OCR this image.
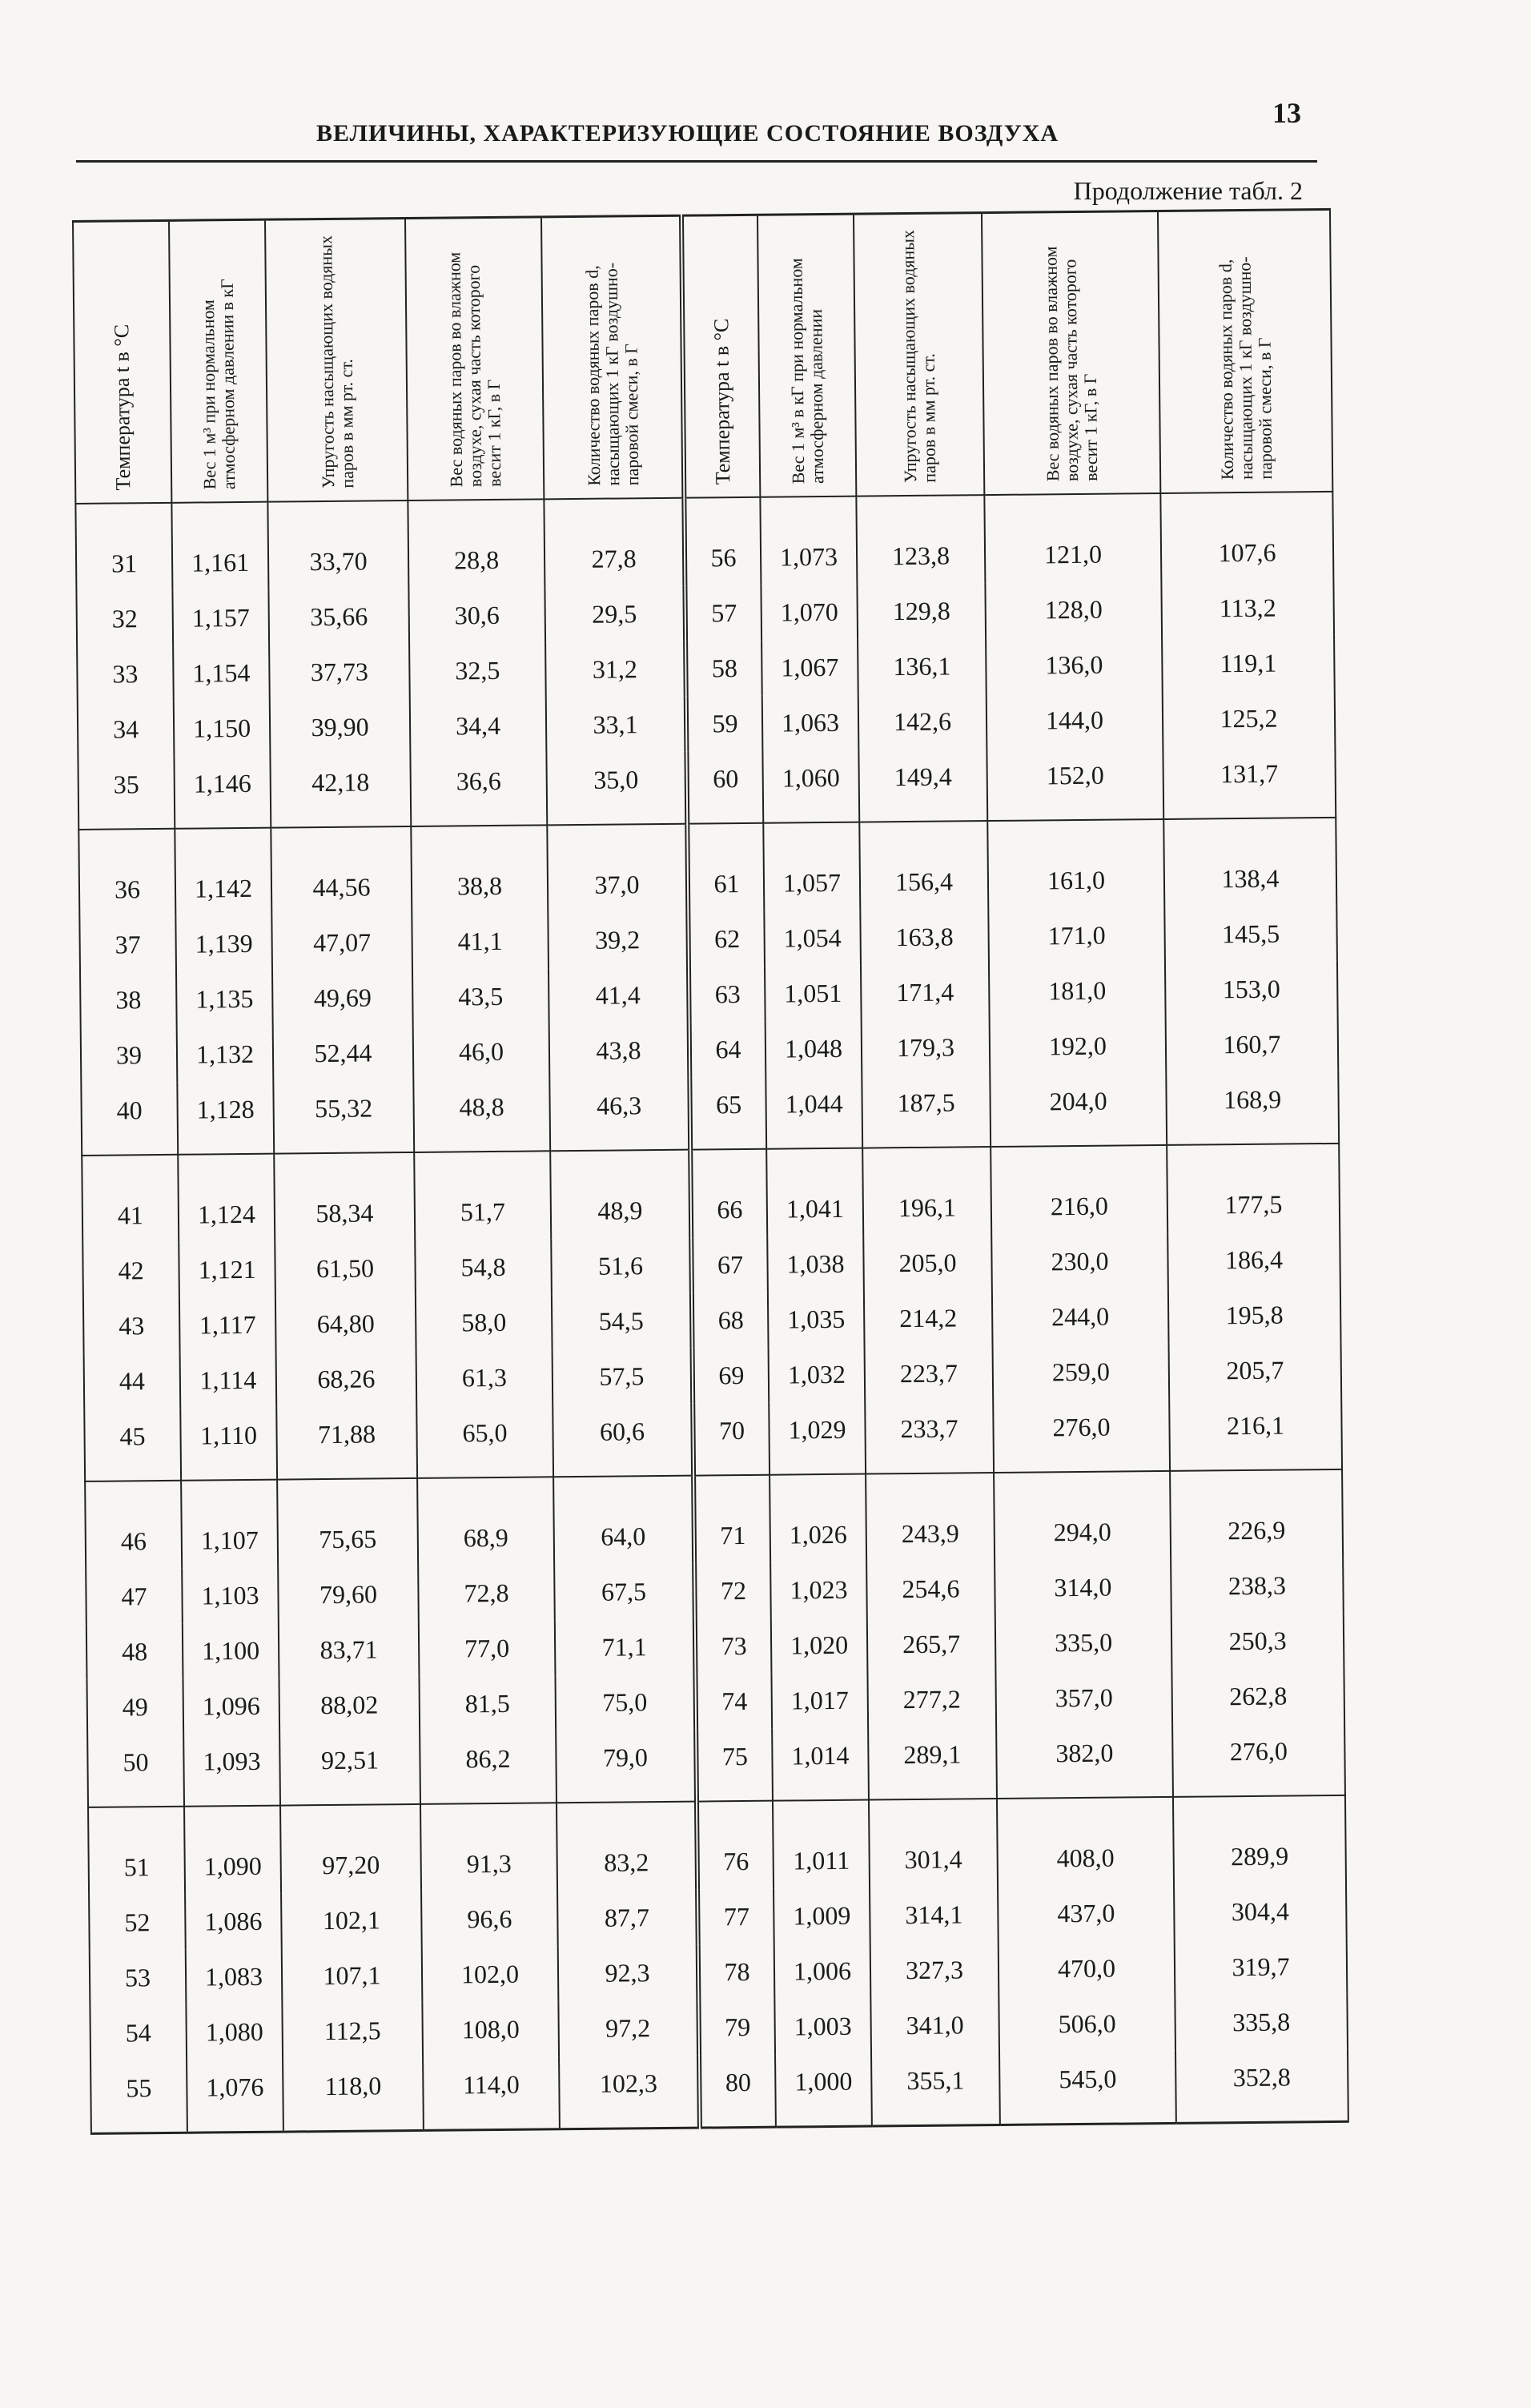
ВЕЛИЧИНЫ, ХАРАКТЕРИЗУЮЩИЕ СОСТОЯНИЕ ВОЗДУХА
13
Продолжение табл. 2
Температура t в °C	Вес 1 м³ при нормальном атмосферном давлении в кГ	Упругость насыщающих водяных паров в мм рт. ст.	Вес водяных паров во влажном воздухе, сухая часть которого весит 1 кГ, в Г	Количество водяных паров d, насыщающих 1 кГ воздушно-паровой смеси, в Г	Температура t в °C	Вес 1 м³ в кГ при нормальном атмосферном давлении	Упругость насыщающих водяных паров в мм рт. ст.	Вес водяных паров во влажном воздухе, сухая часть которого весит 1 кГ, в Г	Количество водяных паров d, насыщающих 1 кГ воздушно-паровой смеси, в Г

31	1,161	33,70	28,8	27,8	56	1,073	123,8	121,0	107,6
32	1,157	35,66	30,6	29,5	57	1,070	129,8	128,0	113,2
33	1,154	37,73	32,5	31,2	58	1,067	136,1	136,0	119,1
34	1,150	39,90	34,4	33,1	59	1,063	142,6	144,0	125,2
35	1,146	42,18	36,6	35,0	60	1,060	149,4	152,0	131,7
36	1,142	44,56	38,8	37,0	61	1,057	156,4	161,0	138,4
37	1,139	47,07	41,1	39,2	62	1,054	163,8	171,0	145,5
38	1,135	49,69	43,5	41,4	63	1,051	171,4	181,0	153,0
39	1,132	52,44	46,0	43,8	64	1,048	179,3	192,0	160,7
40	1,128	55,32	48,8	46,3	65	1,044	187,5	204,0	168,9
41	1,124	58,34	51,7	48,9	66	1,041	196,1	216,0	177,5
42	1,121	61,50	54,8	51,6	67	1,038	205,0	230,0	186,4
43	1,117	64,80	58,0	54,5	68	1,035	214,2	244,0	195,8
44	1,114	68,26	61,3	57,5	69	1,032	223,7	259,0	205,7
45	1,110	71,88	65,0	60,6	70	1,029	233,7	276,0	216,1
46	1,107	75,65	68,9	64,0	71	1,026	243,9	294,0	226,9
47	1,103	79,60	72,8	67,5	72	1,023	254,6	314,0	238,3
48	1,100	83,71	77,0	71,1	73	1,020	265,7	335,0	250,3
49	1,096	88,02	81,5	75,0	74	1,017	277,2	357,0	262,8
50	1,093	92,51	86,2	79,0	75	1,014	289,1	382,0	276,0
51	1,090	97,20	91,3	83,2	76	1,011	301,4	408,0	289,9
52	1,086	102,1	96,6	87,7	77	1,009	314,1	437,0	304,4
53	1,083	107,1	102,0	92,3	78	1,006	327,3	470,0	319,7
54	1,080	112,5	108,0	97,2	79	1,003	341,0	506,0	335,8
55	1,076	118,0	114,0	102,3	80	1,000	355,1	545,0	352,8
